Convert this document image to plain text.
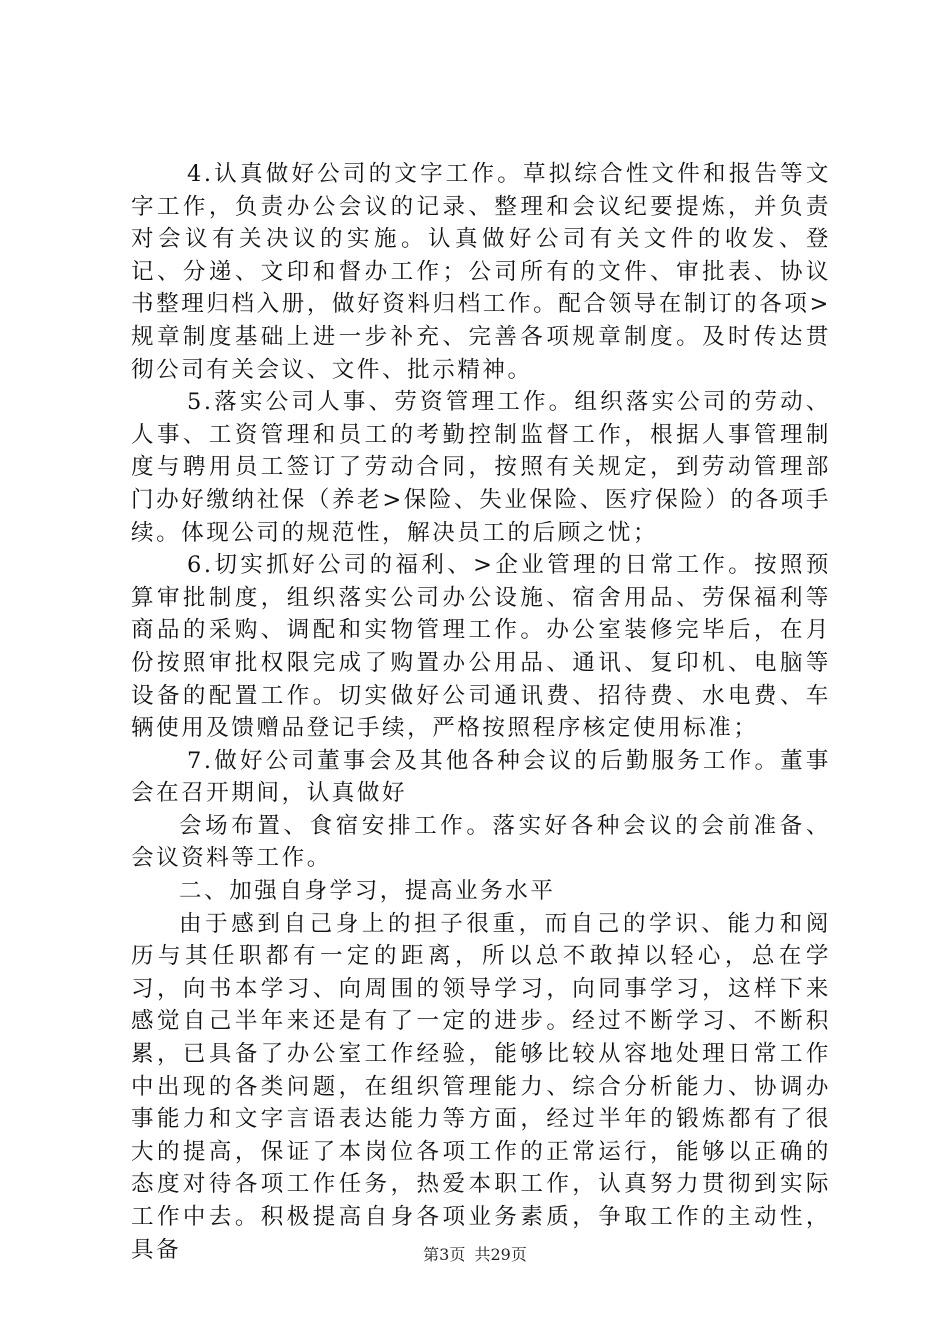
4.认真做好公司的文字工作。草拟综合性文件和报告等文字工作，负责办公会议的记录、整理和会议纪要提炼，并负责对会议有关决议的实施。认真做好公司有关文件的收发、登记、分递、文印和督办工作；公司所有的文件、审批表、协议书整理归档入册，做好资料归档工作。配合领导在制订的各项>规章制度基础上进一步补充、完善各项规章制度。及时传达贯彻公司有关会议、文件、批示精神。

5.落实公司人事、劳资管理工作。组织落实公司的劳动、人事、工资管理和员工的考勤控制监督工作，根据人事管理制度与聘用员工签订了劳动合同，按照有关规定，到劳动管理部门办好缴纳社保（养老>保险、失业保险、医疗保险）的各项手续。体现公司的规范性，解决员工的后顾之忧；

6.切实抓好公司的福利、>企业管理的日常工作。按照预算审批制度，组织落实公司办公设施、宿舍用品、劳保福利等商品的采购、调配和实物管理工作。办公室装修完毕后，在月份按照审批权限完成了购置办公用品、通讯、复印机、电脑等设备的配置工作。切实做好公司通讯费、招待费、水电费、车辆使用及馈赠品登记手续，严格按照程序核定使用标准；

7.做好公司董事会及其他各种会议的后勤服务工作。董事会在召开期间，认真做好

会场布置、食宿安排工作。落实好各种会议的会前准备、会议资料等工作。

二、加强自身学习，提高业务水平

由于感到自己身上的担子很重，而自己的学识、能力和阅历与其任职都有一定的距离，所以总不敢掉以轻心，总在学习，向书本学习、向周围的领导学习，向同事学习，这样下来感觉自己半年来还是有了一定的进步。经过不断学习、不断积累，已具备了办公室工作经验，能够比较从容地处理日常工作中出现的各类问题，在组织管理能力、综合分析能力、协调办事能力和文字言语表达能力等方面，经过半年的锻炼都有了很大的提高，保证了本岗位各项工作的正常运行，能够以正确的态度对待各项工作任务，热爱本职工作，认真努力贯彻到实际工作中去。积极提高自身各项业务素质，争取工作的主动性，具备	第3页 共29页
